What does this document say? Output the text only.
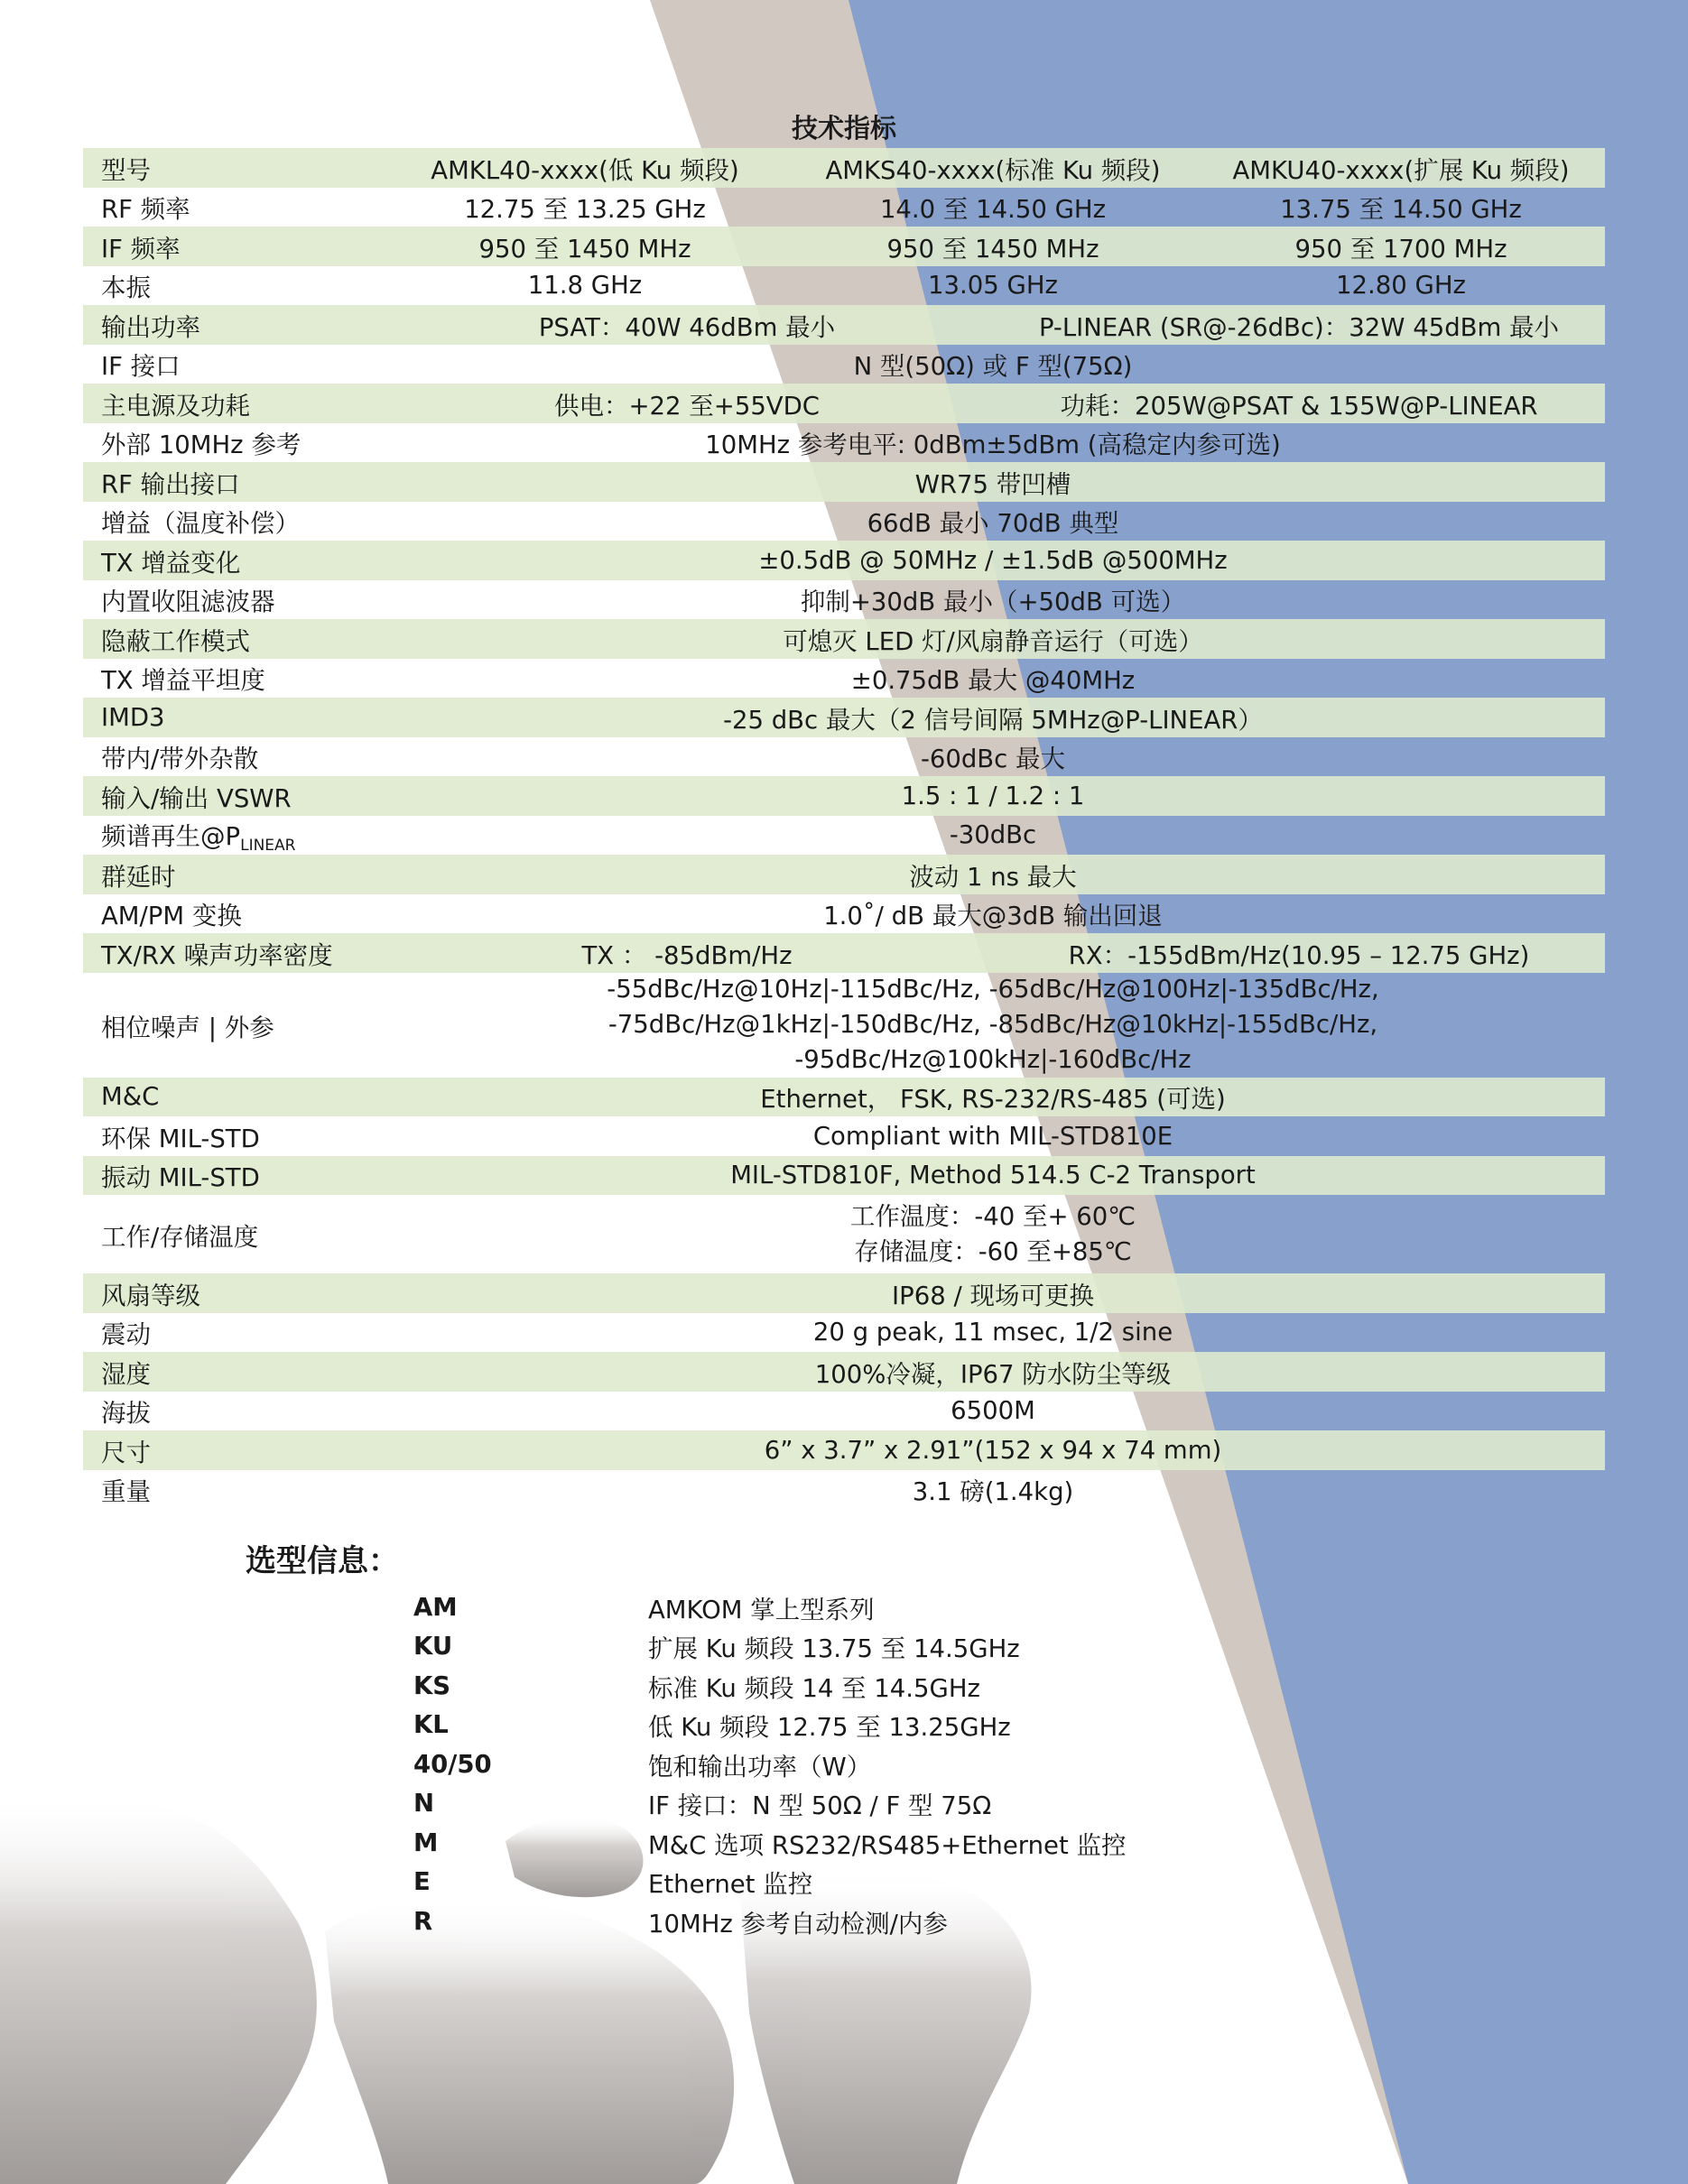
技术指标
型号	AMKL40-xxxx(低 Ku 频段)	AMKS40-xxxx(标准 Ku 频段)	AMKU40-xxxx(扩展 Ku 频段)
RF 频率	12.75 至 13.25 GHz	14.0 至 14.50 GHz	13.75 至 14.50 GHz
IF 频率	950 至 1450 MHz	950 至 1450 MHz	950 至 1700 MHz
本振	11.8 GHz	13.05 GHz	12.80 GHz
输出功率	PSAT：40W 46dBm 最小	P-LINEAR (SR@-26dBc)：32W 45dBm 最小
IF 接口	N 型(50Ω) 或 F 型(75Ω)
主电源及功耗	供电：+22 至+55VDC	功耗：205W@PSAT & 155W@P-LINEAR
外部 10MHz 参考	10MHz 参考电平: 0dBm±5dBm (高稳定内参可选)
RF 输出接口	WR75 带凹槽
增益（温度补偿）	66dB 最小 70dB 典型
TX 增益变化	±0.5dB @ 50MHz / ±1.5dB @500MHz
内置收阻滤波器	抑制+30dB 最小（+50dB 可选）
隐蔽工作模式	可熄灭 LED 灯/风扇静音运行（可选）
TX 增益平坦度	±0.75dB 最大 @40MHz
IMD3	-25 dBc 最大（2 信号间隔 5MHz@P-LINEAR）
带内/带外杂散	-60dBc 最大
输入/输出 VSWR	1.5 : 1 / 1.2 : 1
频谱再生$@P_{LINEAR}$	-30dBc
群延时	波动 1 ns 最大
AM/PM 变换	1.0˚/ dB 最大@3dB 输出回退
TX/RX 噪声功率密度	TX ： -85dBm/Hz	RX：-155dBm/Hz(10.95 – 12.75 GHz)
相位噪声 | 外参
-55dBc/Hz@10Hz|-115dBc/Hz, -65dBc/Hz@100Hz|-135dBc/Hz,
-75dBc/Hz@1kHz|-150dBc/Hz, -85dBc/Hz@10kHz|-155dBc/Hz,
-95dBc/Hz@100kHz|-160dBc/Hz
M&C	Ethernet， FSK, RS-232/RS-485 (可选)
环保 MIL-STD	Compliant with MIL-STD810E
振动 MIL-STD	MIL-STD810F, Method 514.5 C-2 Transport
工作/存储温度
工作温度：-40 至+ 60℃
存储温度：-60 至+85℃
风扇等级	IP68 / 现场可更换
震动	20 g peak, 11 msec, 1/2 sine
湿度	100%冷凝，IP67 防水防尘等级
海拔	6500M
尺寸	6” x 3.7” x 2.91”(152 x 94 x 74 mm)
重量	3.1 磅(1.4kg)
选型信息：
AM	AMKOM 掌上型系列
KU	扩展 Ku 频段 13.75 至 14.5GHz
KS	标准 Ku 频段 14 至 14.5GHz
KL	低 Ku 频段 12.75 至 13.25GHz
40/50	饱和输出功率（W）
N	IF 接口：N 型 50Ω / F 型 75Ω
M	M&C 选项 RS232/RS485+Ethernet 监控
E	Ethernet 监控
R	10MHz 参考自动检测/内参
